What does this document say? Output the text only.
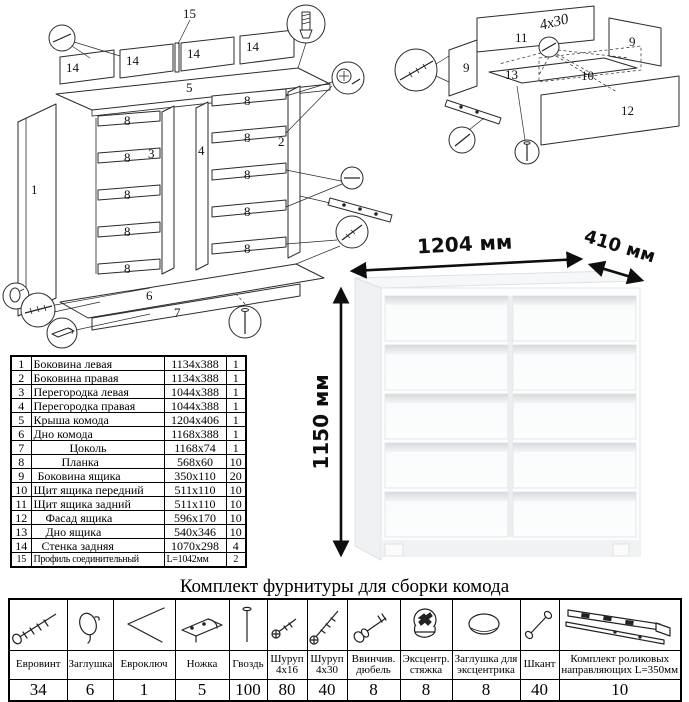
15
14	14	14	14
5
1
2
3	4
8
8
8
8
8
8
8
8
8
8
6
7
11	9
9	13	10
12
4x30
1204 мм	410 мм
1150 мм
1	Боковина левая	1134x388	1
2	Боковина правая	1134x388	1
3	Перегородка левая	1044x388	1
4	Перегородка правая	1044x388	1
5	Крыша комода	1204x406	1
6	Дно комода	1168x388	1
7	Цоколь	1168x74	1
8	Планка	568x60	10
9	Боковина ящика	350x110	20
10	Щит ящика передний	511x110	10
11	Щит ящика задний	511x110	10
12	Фасад ящика	596x170	10
13	Дно ящика	540x346	10
14	Стенка задняя	1070x298	4
15	Профиль соединительный	L=1042мм	2
Комплект фурнитуры для сборки комода

Евровинт	Заглушка	Евроключ	Ножка	Гвоздь	Шуруп 4x16	Шуруп 4x30	Ввинчив. дюбель	Эксцентр. стяжка	Заглушка для эксцентрика	Шкант	Комплект роликовых направляющих L=350мм
34	6	1	5	100	80	40	8	8	8	40	10
